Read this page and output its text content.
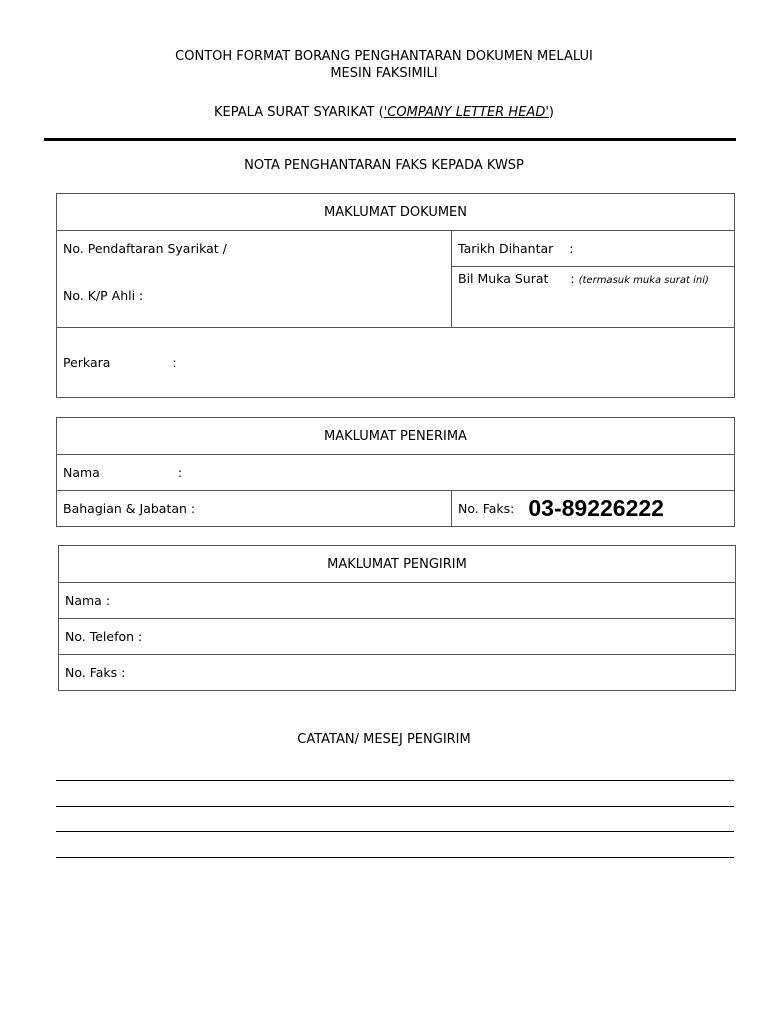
CONTOH FORMAT BORANG PENGHANTARAN DOKUMEN MELALUI
MESIN FAKSIMILI
KEPALA SURAT SYARIKAT ('COMPANY LETTER HEAD')
NOTA PENGHANTARAN FAKS KEPADA KWSP
MAKLUMAT DOKUMEN

No. Pendaftaran Syarikat /
No. K/P Ahli :
	Tarikh Dihantar :
Bil Muka Surat : (termasuk muka surat ini)
Perkara	:
MAKLUMAT PENERIMA
Nama	:
Bahagian & Jabatan :	No. Faks: 03-89226222
MAKLUMAT PENGIRIM
Nama :
No. Telefon :
No. Faks :
CATATAN/ MESEJ PENGIRIM
